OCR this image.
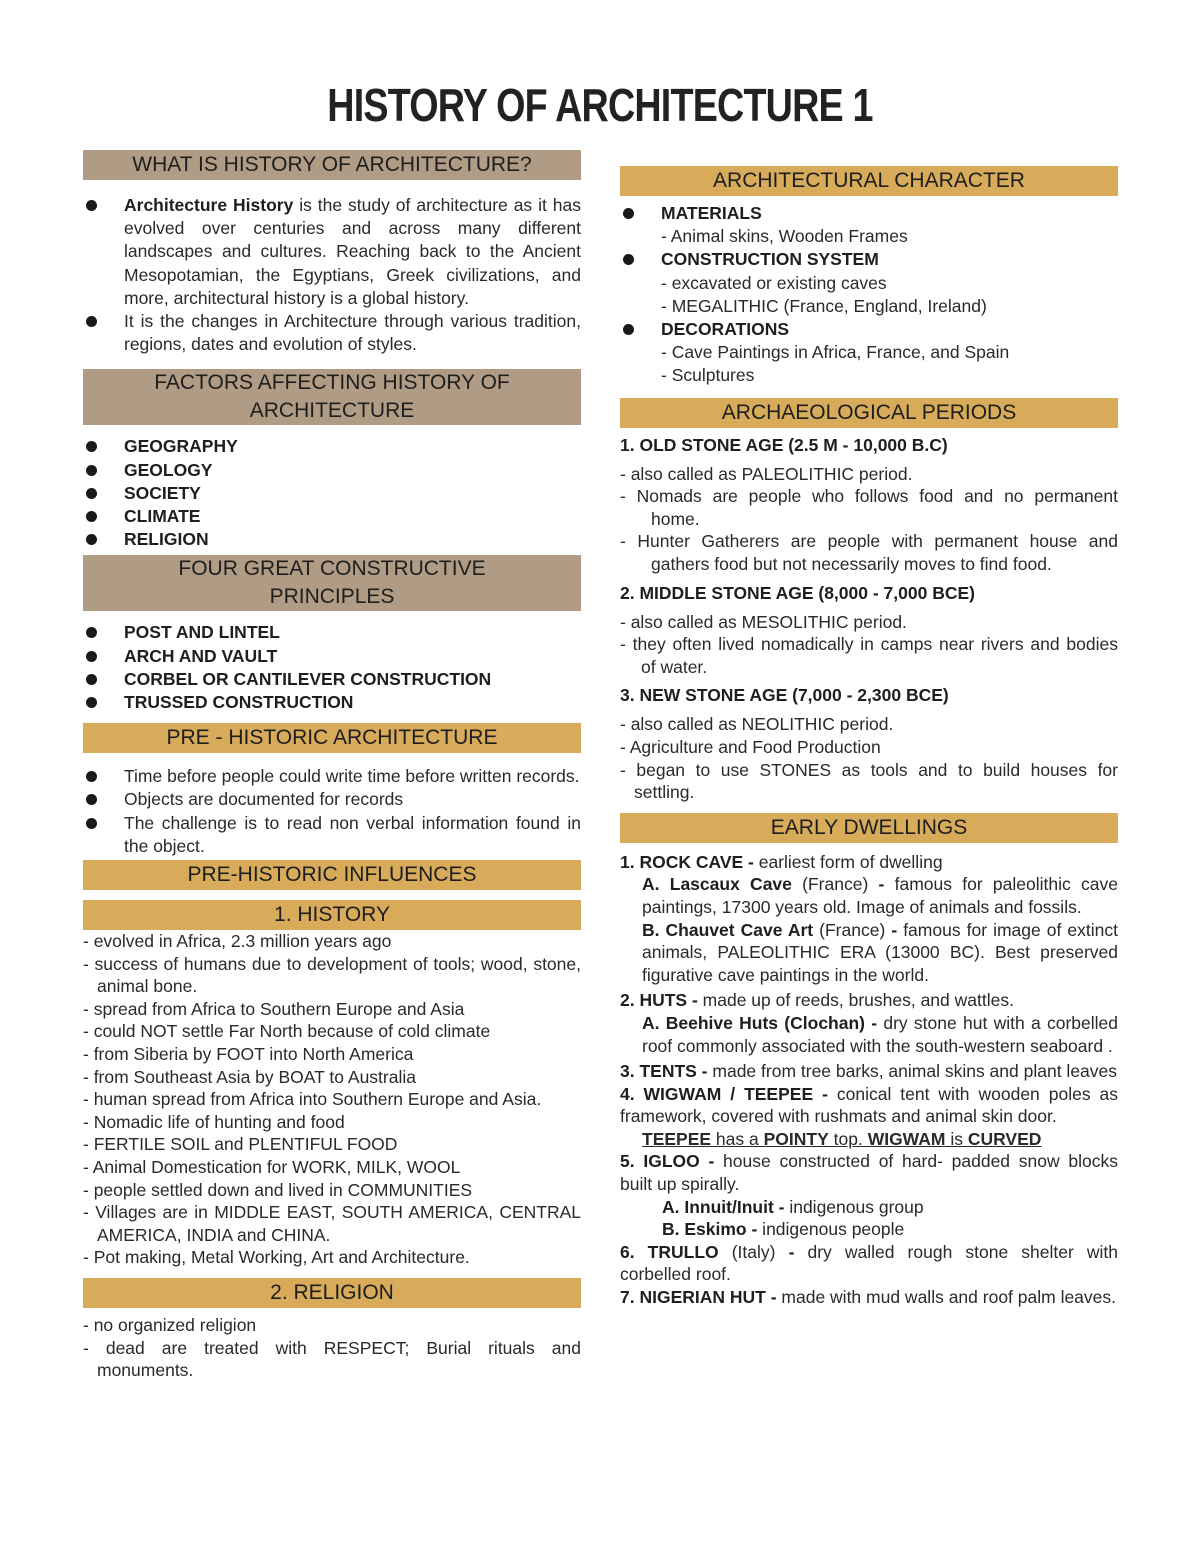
HISTORY OF ARCHITECTURE 1
WHAT IS HISTORY OF ARCHITECTURE?
Architecture History is the study of architecture as it has evolved over centuries and across many different landscapes and cultures. Reaching back to the Ancient Mesopotamian, the Egyptians, Greek civilizations, and more, architectural history is a global history.
It is the changes in Architecture through various tradition, regions, dates and evolution of styles.
FACTORS AFFECTING HISTORY OF ARCHITECTURE
GEOGRAPHY
GEOLOGY
SOCIETY
CLIMATE
RELIGION
FOUR GREAT CONSTRUCTIVE PRINCIPLES
POST AND LINTEL
ARCH AND VAULT
CORBEL OR CANTILEVER CONSTRUCTION
TRUSSED CONSTRUCTION
PRE - HISTORIC ARCHITECTURE
Time before people could write time before written records.
Objects are documented for records
The challenge is to read non verbal information found in the object.
PRE-HISTORIC INFLUENCES
1. HISTORY
- evolved in Africa, 2.3 million years ago
- success of humans due to development of tools; wood, stone, animal bone.
- spread from Africa to Southern Europe and Asia
- could NOT settle Far North because of cold climate
- from Siberia by FOOT into North America
- from Southeast Asia by BOAT to Australia
- human spread from Africa into Southern Europe and Asia.
- Nomadic life of hunting and food
- FERTILE SOIL and PLENTIFUL FOOD
- Animal Domestication for WORK, MILK, WOOL
- people settled down and lived in COMMUNITIES
- Villages are in MIDDLE EAST, SOUTH AMERICA, CENTRAL AMERICA, INDIA and CHINA.
- Pot making, Metal Working, Art and Architecture.
2. RELIGION
- no organized religion
- dead are treated with RESPECT; Burial rituals and monuments.
ARCHITECTURAL CHARACTER
MATERIALS
- Animal skins, Wooden Frames
CONSTRUCTION SYSTEM
- excavated or existing caves
- MEGALITHIC (France, England, Ireland)
DECORATIONS
- Cave Paintings in Africa, France, and Spain
- Sculptures
ARCHAEOLOGICAL PERIODS
1. OLD STONE AGE (2.5 M - 10,000 B.C)
- also called as PALEOLITHIC period.
- Nomads are people who follows food and no permanent home.
- Hunter Gatherers are people with permanent house and gathers food but not necessarily moves to find food.
2. MIDDLE STONE AGE (8,000 - 7,000 BCE)
- also called as MESOLITHIC period.
- they often lived nomadically in camps near rivers and bodies of water.
3. NEW STONE AGE (7,000 - 2,300 BCE)
- also called as NEOLITHIC period.
- Agriculture and Food Production
- began to use STONES as tools and to build houses for settling.
EARLY DWELLINGS
1. ROCK CAVE - earliest form of dwelling
A. Lascaux Cave (France) - famous for paleolithic cave paintings, 17300 years old. Image of animals and fossils.
B. Chauvet Cave Art (France) - famous for image of extinct animals, PALEOLITHIC ERA (13000 BC). Best preserved figurative cave paintings in the world.
2. HUTS - made up of reeds, brushes, and wattles.
A. Beehive Huts (Clochan) - dry stone hut with a corbelled roof commonly associated with the south-western seaboard .
3. TENTS - made from tree barks, animal skins and plant leaves
4. WIGWAM / TEEPEE - conical tent with wooden poles as framework, covered with rushmats and animal skin door.
TEEPEE has a POINTY top. WIGWAM is CURVED
5. IGLOO - house constructed of hard- padded snow blocks built up spirally.
A. Innuit/Inuit - indigenous group
B. Eskimo - indigenous people
6. TRULLO (Italy) - dry walled rough stone shelter with corbelled roof.
7. NIGERIAN HUT - made with mud walls and roof palm leaves.
